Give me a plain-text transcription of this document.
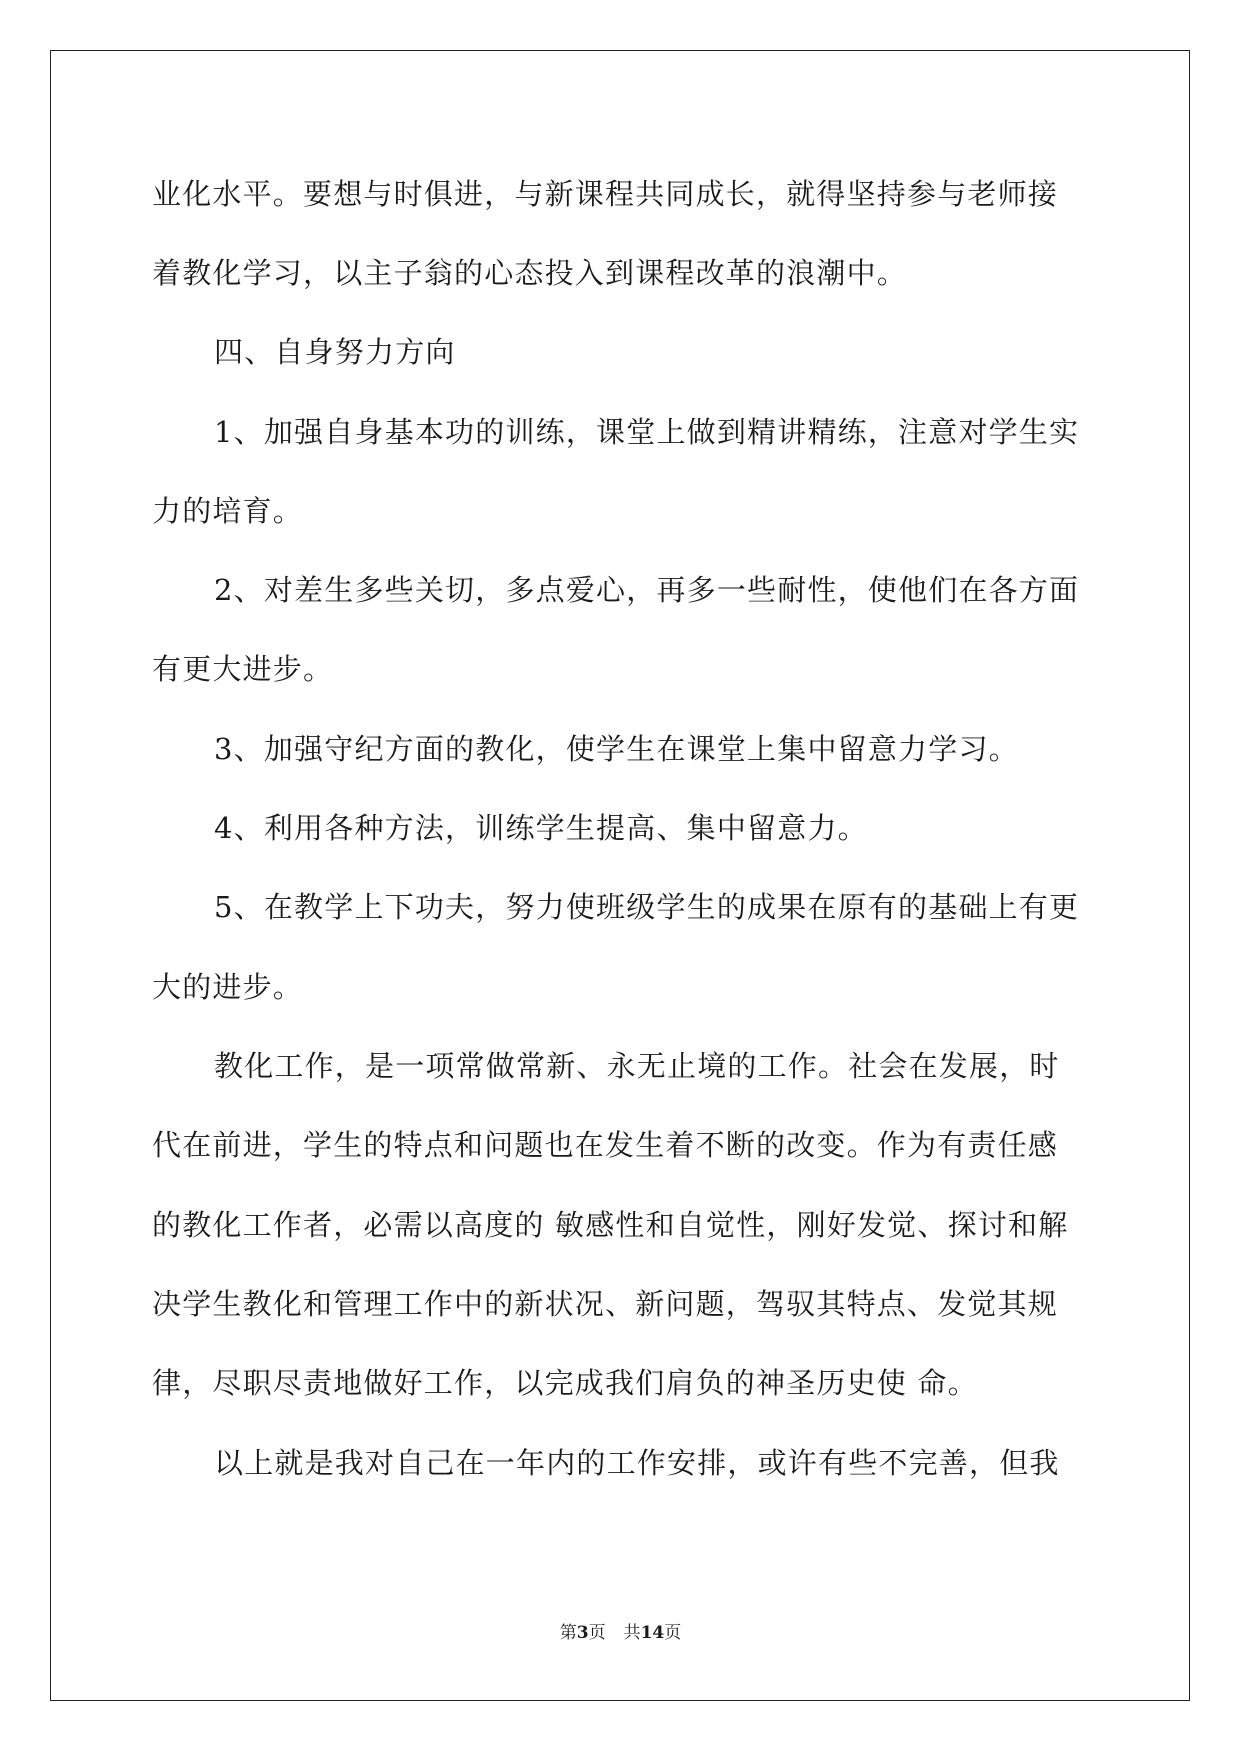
业化水平。要想与时俱进，与新课程共同成长，就得坚持参与老师接
着教化学习，以主子翁的心态投入到课程改革的浪潮中。
四、自身努力方向
1、加强自身基本功的训练，课堂上做到精讲精练，注意对学生实
力的培育。
2、对差生多些关切，多点爱心，再多一些耐性，使他们在各方面
有更大进步。
3、加强守纪方面的教化，使学生在课堂上集中留意力学习。
4、利用各种方法，训练学生提高、集中留意力。
5、在教学上下功夫，努力使班级学生的成果在原有的基础上有更
大的进步。
教化工作，是一项常做常新、永无止境的工作。社会在发展，时
代在前进，学生的特点和问题也在发生着不断的改变。作为有责任感
的教化工作者，必需以高度的 敏感性和自觉性，刚好发觉、探讨和解
决学生教化和管理工作中的新状况、新问题，驾驭其特点、发觉其规
律，尽职尽责地做好工作，以完成我们肩负的神圣历史使 命。
以上就是我对自己在一年内的工作安排，或许有些不完善，但我
第3页 共14页
